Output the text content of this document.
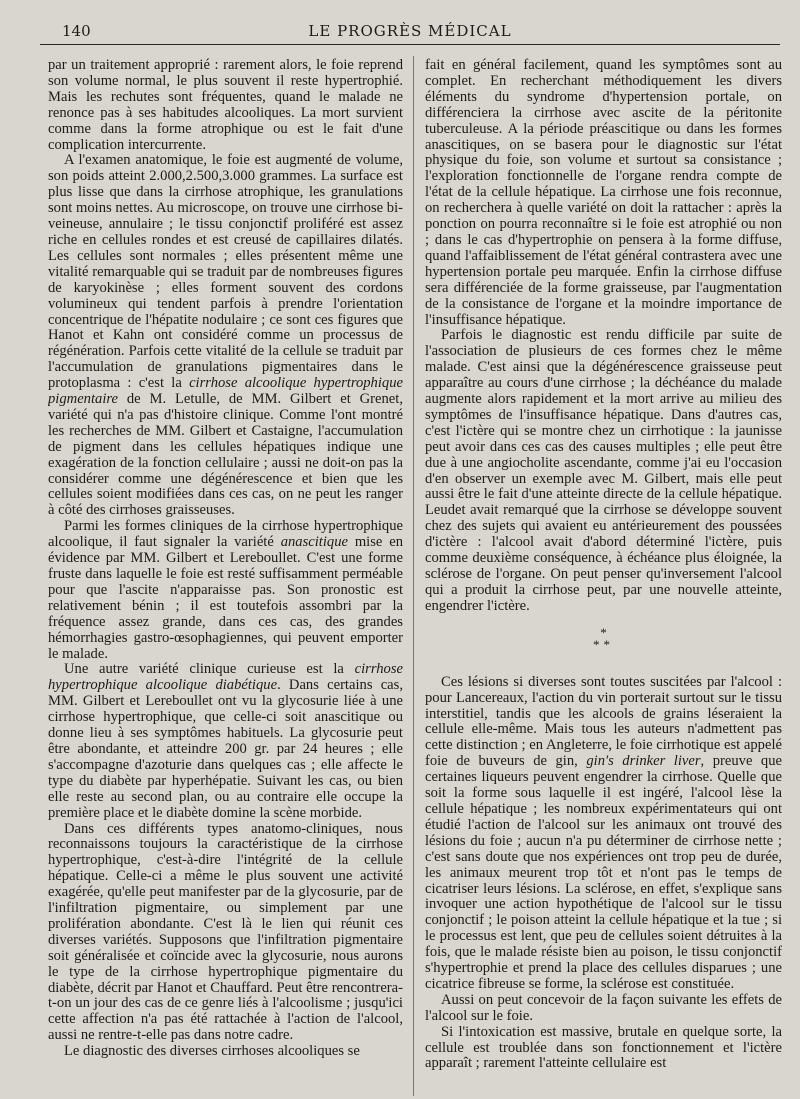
140	LE PROGRÈS MÉDICAL

par un traitement approprié : rarement alors, le foie reprend son volume normal, le plus souvent il reste hypertrophié. Mais les rechutes sont fréquentes, quand le malade ne renonce pas à ses habitudes alcooliques. La mort survient comme dans la forme atrophique ou est le fait d'une complication intercurrente.

A l'examen anatomique, le foie est augmenté de volume, son poids atteint 2.000,2.500,3.000 grammes. La surface est plus lisse que dans la cirrhose atrophique, les granulations sont moins nettes. Au microscope, on trouve une cirrhose bi-veineuse, annulaire ; le tissu conjonctif proliféré est assez riche en cellules rondes et est creusé de capillaires dilatés. Les cellules sont normales ; elles présentent même une vitalité remarquable qui se traduit par de nombreuses figures de karyokinèse ; elles forment souvent des cordons volumineux qui tendent parfois à prendre l'orientation concentrique de l'hépatite nodulaire ; ce sont ces figures que Hanot et Kahn ont considéré comme un processus de régénération. Parfois cette vitalité de la cellule se traduit par l'accumulation de granulations pigmentaires dans le protoplasma : c'est la cirrhose alcoolique hypertrophique pigmentaire de M. Letulle, de MM. Gilbert et Grenet, variété qui n'a pas d'histoire clinique. Comme l'ont montré les recherches de MM. Gilbert et Castaigne, l'accumulation de pigment dans les cellules hépatiques indique une exagération de la fonction cellulaire ; aussi ne doit-on pas la considérer comme une dégénérescence et bien que les cellules soient modifiées dans ces cas, on ne peut les ranger à côté des cirrhoses graisseuses.

Parmi les formes cliniques de la cirrhose hypertrophique alcoolique, il faut signaler la variété anascitique mise en évidence par MM. Gilbert et Lereboullet. C'est une forme fruste dans laquelle le foie est resté suffisamment perméable pour que l'ascite n'apparaisse pas. Son pronostic est relativement bénin ; il est toutefois assombri par la fréquence assez grande, dans ces cas, des grandes hémorrhagies gastro-œsophagiennes, qui peuvent emporter le malade.

Une autre variété clinique curieuse est la cirrhose hypertrophique alcoolique diabétique. Dans certains cas, MM. Gilbert et Lereboullet ont vu la glycosurie liée à une cirrhose hypertrophique, que celle-ci soit anascitique ou donne lieu à ses symptômes habituels. La glycosurie peut être abondante, et atteindre 200 gr. par 24 heures ; elle s'accompagne d'azoturie dans quelques cas ; elle affecte le type du diabète par hyperhépatie. Suivant les cas, ou bien elle reste au second plan, ou au contraire elle occupe la première place et le diabète domine la scène morbide.

Dans ces différents types anatomo-cliniques, nous reconnaissons toujours la caractéristique de la cirrhose hypertrophique, c'est-à-dire l'intégrité de la cellule hépatique. Celle-ci a même le plus souvent une activité exagérée, qu'elle peut manifester par de la glycosurie, par de l'infiltration pigmentaire, ou simplement par une prolifération abondante. C'est là le lien qui réunit ces diverses variétés. Supposons que l'infiltration pigmentaire soit généralisée et coïncide avec la glycosurie, nous aurons le type de la cirrhose hypertrophique pigmentaire du diabète, décrit par Hanot et Chauffard. Peut être rencontrera-t-on un jour des cas de ce genre liés à l'alcoolisme ; jusqu'ici cette affection n'a pas été rattachée à l'action de l'alcool, aussi ne rentre-t-elle pas dans notre cadre.

Le diagnostic des diverses cirrhoses alcooliques se

fait en général facilement, quand les symptômes sont au complet. En recherchant méthodiquement les divers éléments du syndrome d'hypertension portale, on différenciera la cirrhose avec ascite de la péritonite tuberculeuse. A la période préascitique ou dans les formes anascitiques, on se basera pour le diagnostic sur l'état physique du foie, son volume et surtout sa consistance ; l'exploration fonctionnelle de l'organe rendra compte de l'état de la cellule hépatique. La cirrhose une fois reconnue, on recherchera à quelle variété on doit la rattacher : après la ponction on pourra reconnaître si le foie est atrophié ou non ; dans le cas d'hypertrophie on pensera à la forme diffuse, quand l'affaiblissement de l'état général contrastera avec une hypertension portale peu marquée. Enfin la cirrhose diffuse sera différenciée de la forme graisseuse, par l'augmentation de la consistance de l'organe et la moindre importance de l'insuffisance hépatique.

Parfois le diagnostic est rendu difficile par suite de l'association de plusieurs de ces formes chez le même malade. C'est ainsi que la dégénérescence graisseuse peut apparaître au cours d'une cirrhose ; la déchéance du malade augmente alors rapidement et la mort arrive au milieu des symptômes de l'insuffisance hépatique. Dans d'autres cas, c'est l'ictère qui se montre chez un cirrhotique : la jaunisse peut avoir dans ces cas des causes multiples ; elle peut être due à une angiocholite ascendante, comme j'ai eu l'occasion d'en observer un exemple avec M. Gilbert, mais elle peut aussi être le fait d'une atteinte directe de la cellule hépatique. Leudet avait remarqué que la cirrhose se développe souvent chez des sujets qui avaient eu antérieurement des poussées d'ictère : l'alcool avait d'abord déterminé l'ictère, puis comme deuxième conséquence, à échéance plus éloignée, la sclérose de l'organe. On peut penser qu'inversement l'alcool qui a produit la cirrhose peut, par une nouvelle atteinte, engendrer l'ictère.

*
**

Ces lésions si diverses sont toutes suscitées par l'alcool : pour Lancereaux, l'action du vin porterait surtout sur le tissu interstitiel, tandis que les alcools de grains léseraient la cellule elle-même. Mais tous les auteurs n'admettent pas cette distinction ; en Angleterre, le foie cirrhotique est appelé foie de buveurs de gin, gin's drinker liver, preuve que certaines liqueurs peuvent engendrer la cirrhose. Quelle que soit la forme sous laquelle il est ingéré, l'alcool lèse la cellule hépatique ; les nombreux expérimentateurs qui ont étudié l'action de l'alcool sur les animaux ont trouvé des lésions du foie ; aucun n'a pu déterminer de cirrhose nette ; c'est sans doute que nos expériences ont trop peu de durée, les animaux meurent trop tôt et n'ont pas le temps de cicatriser leurs lésions. La sclérose, en effet, s'explique sans invoquer une action hypothétique de l'alcool sur le tissu conjonctif ; le poison atteint la cellule hépatique et la tue ; si le processus est lent, que peu de cellules soient détruites à la fois, que le malade résiste bien au poison, le tissu conjonctif s'hypertrophie et prend la place des cellules disparues ; une cicatrice fibreuse se forme, la sclérose est constituée.

Aussi on peut concevoir de la façon suivante les effets de l'alcool sur le foie.

Si l'intoxication est massive, brutale en quelque sorte, la cellule est troublée dans son fonctionnement et l'ictère apparaît ; rarement l'atteinte cellulaire est
